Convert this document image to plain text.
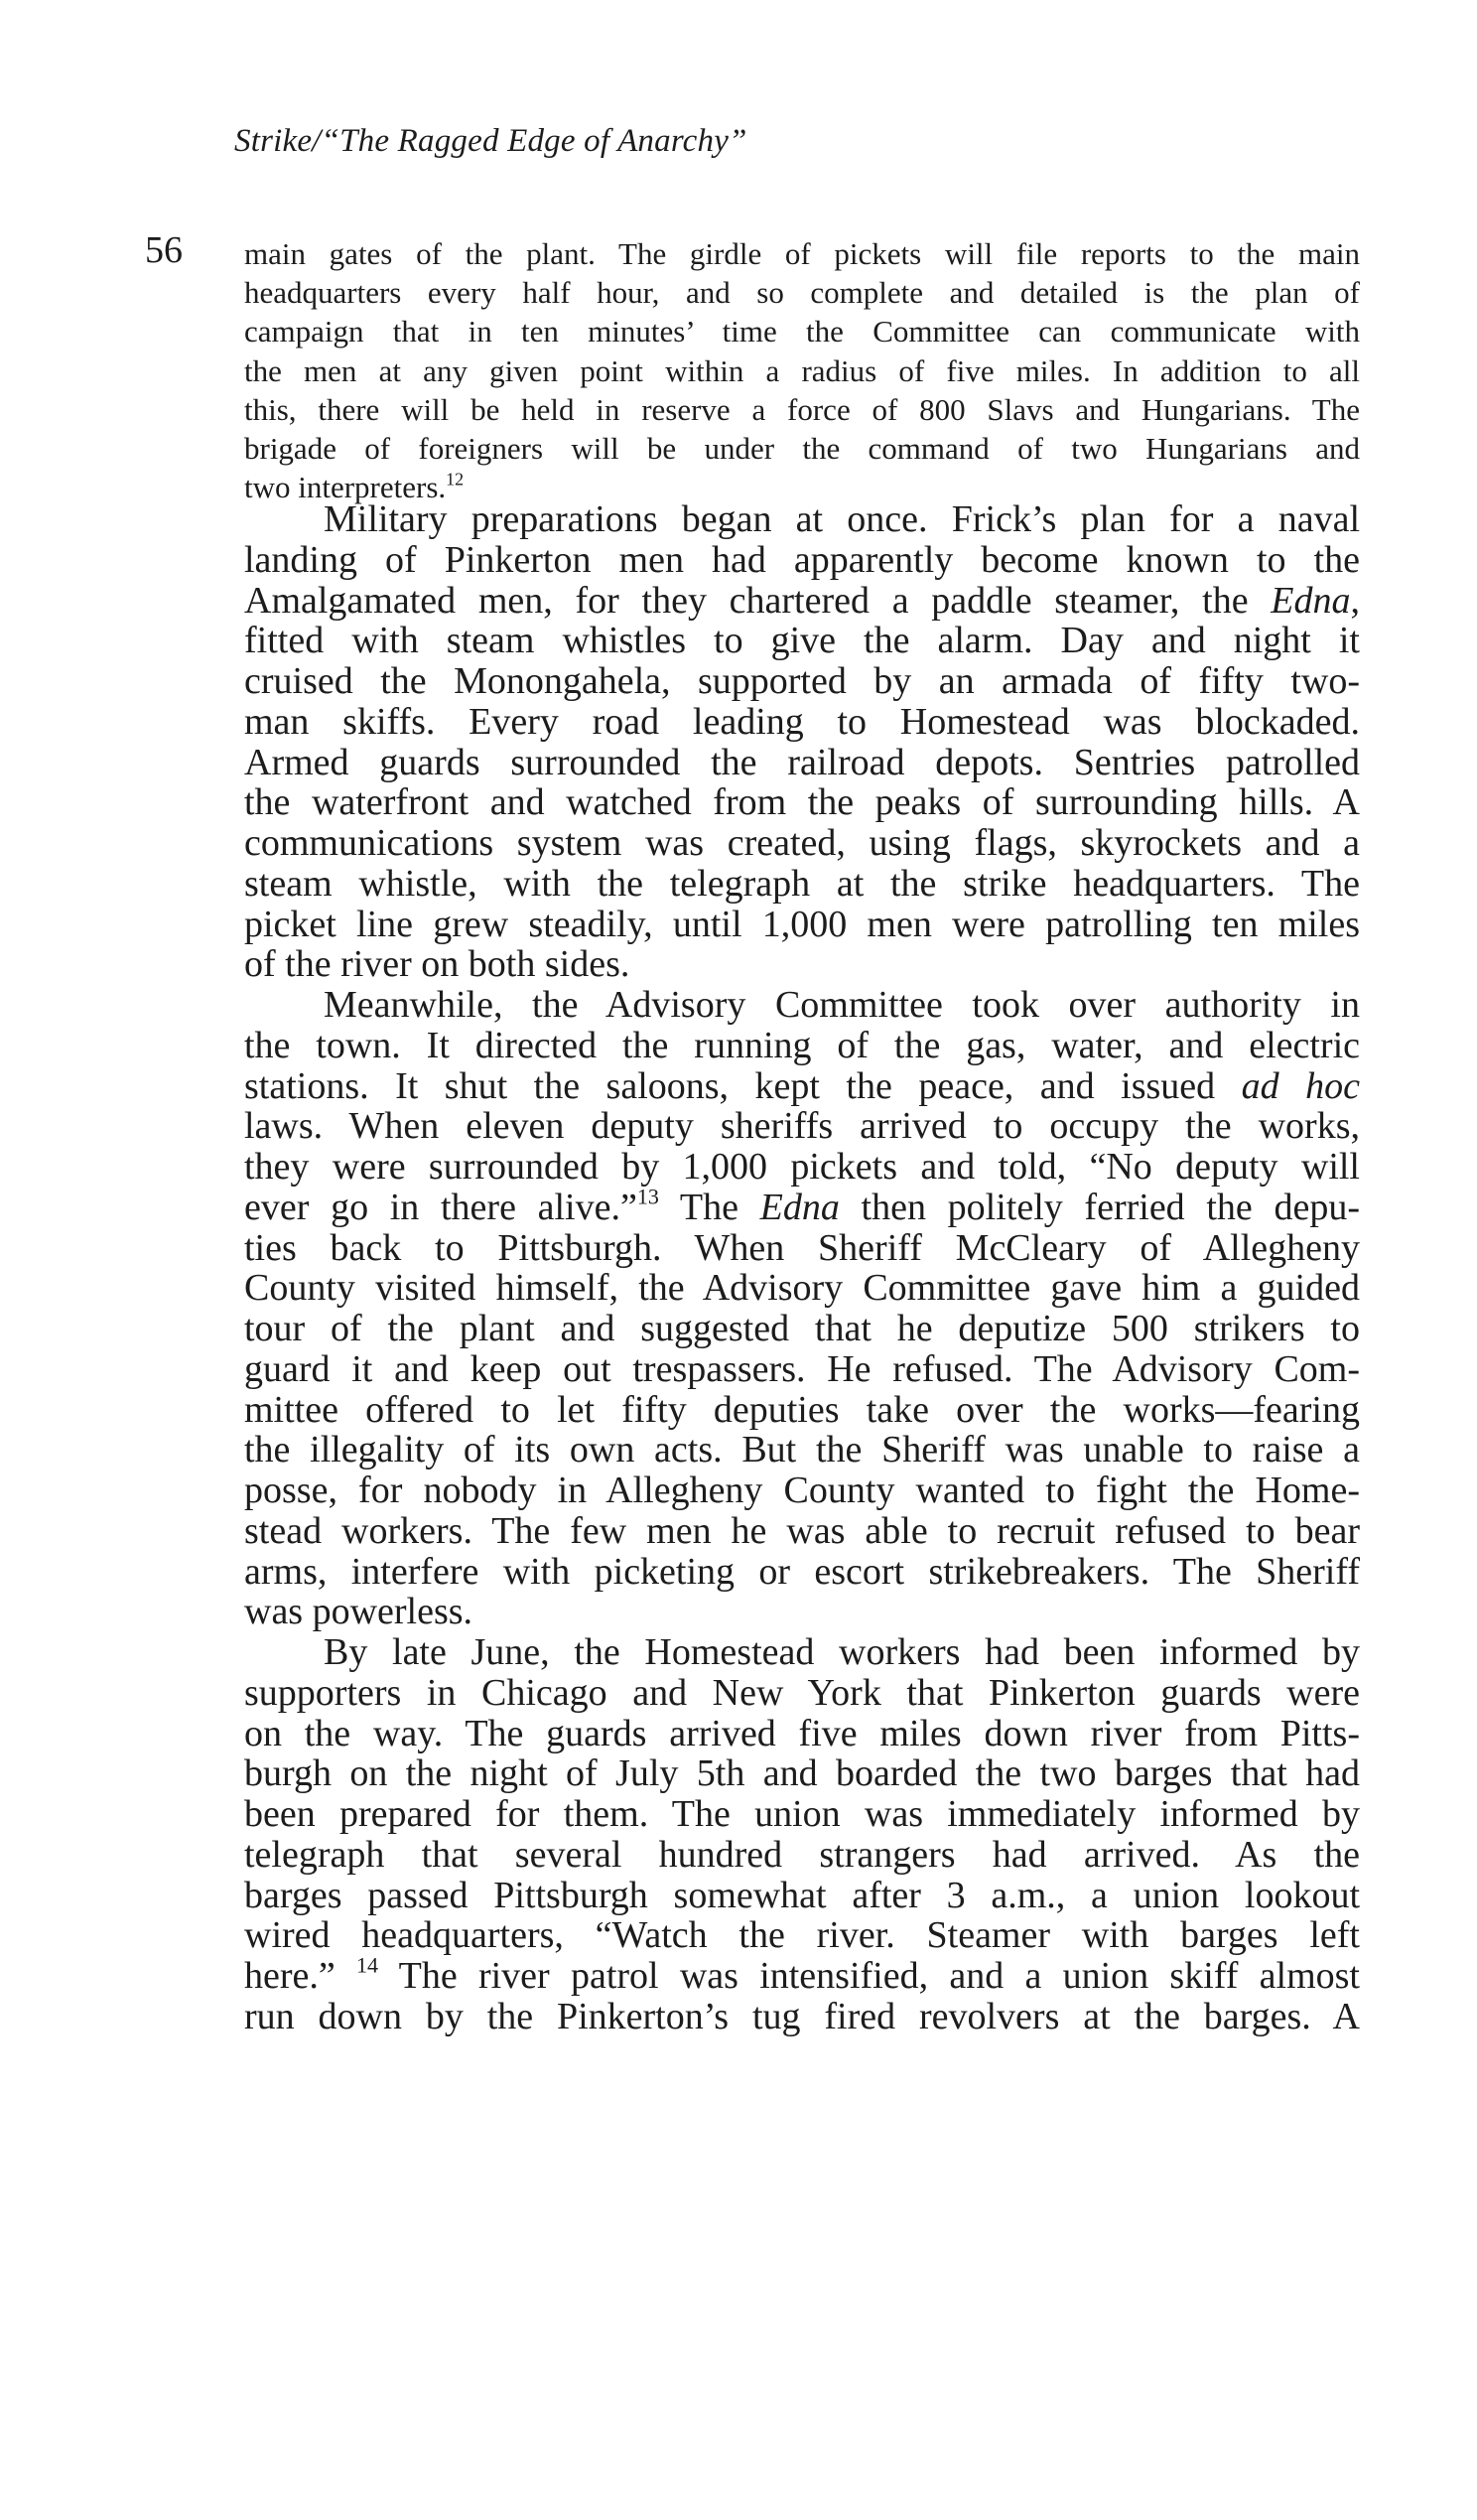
Strike/“The Ragged Edge of Anarchy”
56 main gates of the plant. The girdle of pickets will file reports to the main
headquarters every half hour, and so complete and detailed is the plan of
campaign that in ten minutes’ time the Committee can communicate with
the men at any given point within a radius of five miles. In addition to all
this, there will be held in reserve a force of 800 Slavs and Hungarians. The
brigade of foreigners will be under the command of two Hungarians and
two interpreters.$^{12}$
Military preparations began at once. Frick’s plan for a naval
landing of Pinkerton men had apparently become known to the
Amalgamated men, for they chartered a paddle steamer, the Edna,
fitted with steam whistles to give the alarm. Day and night it
cruised the Monongahela, supported by an armada of fifty two-
man skiffs. Every road leading to Homestead was blockaded.
Armed guards surrounded the railroad depots. Sentries patrolled
the waterfront and watched from the peaks of surrounding hills. A
communications system was created, using flags, skyrockets and a
steam whistle, with the telegraph at the strike headquarters. The
picket line grew steadily, until 1,000 men were patrolling ten miles
of the river on both sides.
Meanwhile, the Advisory Committee took over authority in
the town. It directed the running of the gas, water, and electric
stations. It shut the saloons, kept the peace, and issued ad hoc
laws. When eleven deputy sheriffs arrived to occupy the works,
they were surrounded by 1,000 pickets and told, “No deputy will
ever go in there alive.”$^{13}$ The Edna then politely ferried the depu-
ties back to Pittsburgh. When Sheriff McCleary of Allegheny
County visited himself, the Advisory Committee gave him a guided
tour of the plant and suggested that he deputize 500 strikers to
guard it and keep out trespassers. He refused. The Advisory Com-
mittee offered to let fifty deputies take over the works—fearing
the illegality of its own acts. But the Sheriff was unable to raise a
posse, for nobody in Allegheny County wanted to fight the Home-
stead workers. The few men he was able to recruit refused to bear
arms, interfere with picketing or escort strikebreakers. The Sheriff
was powerless.
By late June, the Homestead workers had been informed by
supporters in Chicago and New York that Pinkerton guards were
on the way. The guards arrived five miles down river from Pitts-
burgh on the night of July 5th and boarded the two barges that had
been prepared for them. The union was immediately informed by
telegraph that several hundred strangers had arrived. As the
barges passed Pittsburgh somewhat after 3 a.m., a union lookout
wired headquarters, “Watch the river. Steamer with barges left
here.” $^{14}$ The river patrol was intensified, and a union skiff almost
run down by the Pinkerton’s tug fired revolvers at the barges. A
